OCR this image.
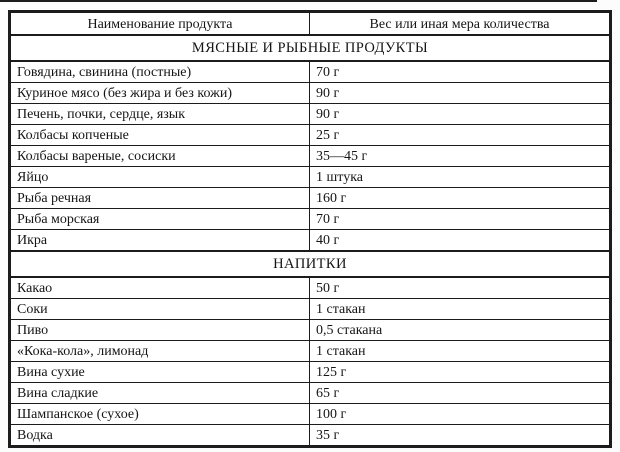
Наименование продукта	Вес или иная мера количества
МЯСНЫЕ И РЫБНЫЕ ПРОДУКТЫ	
Говядина, свинина (постные)	70 г
Куриное мясо (без жира и без кожи)	90 г
Печень, почки, сердце, язык	90 г
Колбасы копченые	25 г
Колбасы вареные, сосиски	35—45 г
Яйцо	1 штука
Рыба речная	160 г
Рыба морская	70 г
Икра	40 г
НАПИТКИ	
Какао	50 г
Соки	1 стакан
Пиво	0,5 стакана
«Кока-кола», лимонад	1 стакан
Вина сухие	125 г
Вина сладкие	65 г
Шампанское (сухое)	100 г
Водка	35 г
